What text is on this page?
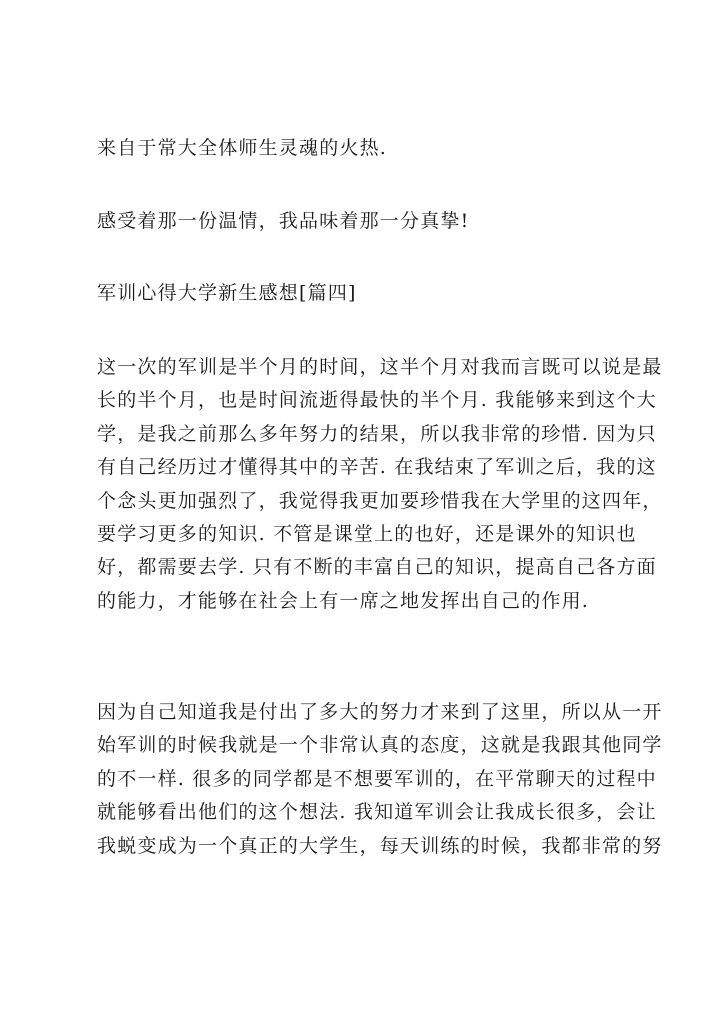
来自于常大全体师生灵魂的火热.
感受着那一份温情，我品味着那一分真挚!
军训心得大学新生感想[篇四]
这一次的军训是半个月的时间，这半个月对我而言既可以说是最
长的半个月，也是时间流逝得最快的半个月. 我能够来到这个大
学，是我之前那么多年努力的结果，所以我非常的珍惜. 因为只
有自己经历过才懂得其中的辛苦. 在我结束了军训之后，我的这
个念头更加强烈了，我觉得我更加要珍惜我在大学里的这四年，
要学习更多的知识. 不管是课堂上的也好，还是课外的知识也
好，都需要去学. 只有不断的丰富自己的知识，提高自己各方面
的能力，才能够在社会上有一席之地发挥出自己的作用.
因为自己知道我是付出了多大的努力才来到了这里，所以从一开
始军训的时候我就是一个非常认真的态度，这就是我跟其他同学
的不一样. 很多的同学都是不想要军训的，在平常聊天的过程中
就能够看出他们的这个想法. 我知道军训会让我成长很多，会让
我蜕变成为一个真正的大学生，每天训练的时候，我都非常的努
